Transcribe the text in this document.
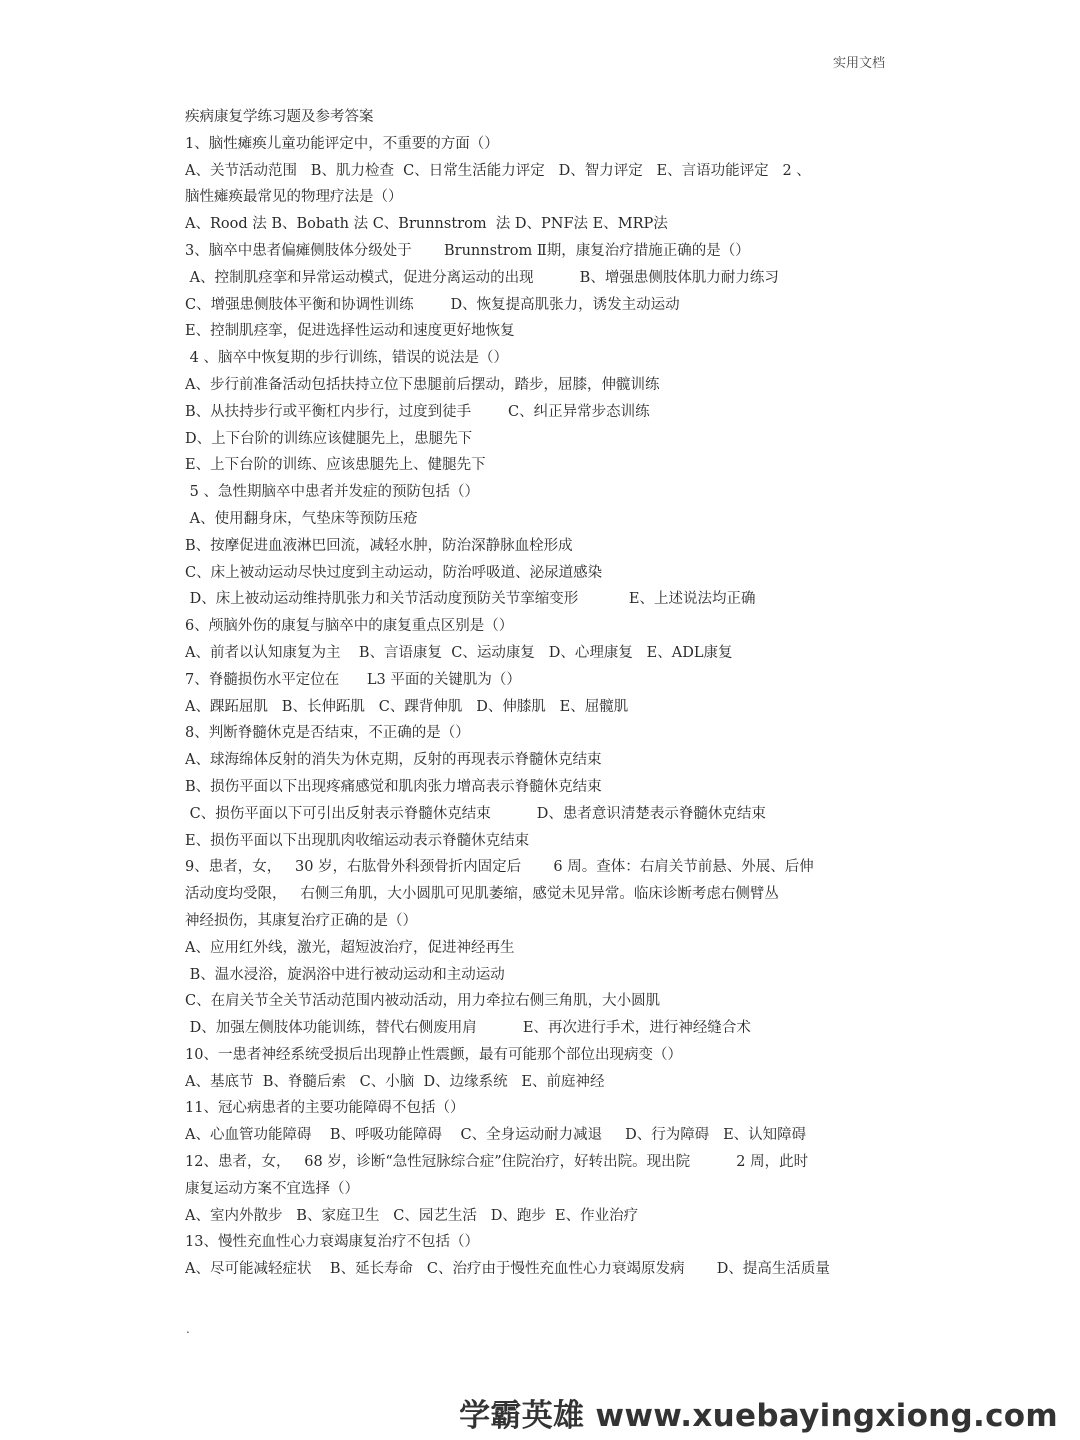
实用文档
疾病康复学练习题及参考答案
1、脑性瘫痪儿童功能评定中，不重要的方面（）
A、关节活动范围   B、肌力检查  C、日常生活能力评定   D、智力评定   E、言语功能评定   2 、
脑性瘫痪最常见的物理疗法是（）
A、Rood 法 B、Bobath 法 C、Brunnstrom  法 D、PNF法 E、MRP法
3、脑卒中患者偏瘫侧肢体分级处于       Brunnstrom Ⅱ期，康复治疗措施正确的是（）
A、控制肌痉挛和异常运动模式，促进分离运动的出现          B、增强患侧肢体肌力耐力练习
C、增强患侧肢体平衡和协调性训练        D、恢复提高肌张力，诱发主动运动
E、控制肌痉挛，促进选择性运动和速度更好地恢复
4 、脑卒中恢复期的步行训练，错误的说法是（）
A、步行前准备活动包括扶持立位下患腿前后摆动，踏步，屈膝，伸髋训练
B、从扶持步行或平衡杠内步行，过度到徒手        C、纠正异常步态训练
D、上下台阶的训练应该健腿先上，患腿先下
E、上下台阶的训练、应该患腿先上、健腿先下
5 、急性期脑卒中患者并发症的预防包括（）
A、使用翻身床，气垫床等预防压疮
B、按摩促进血液淋巴回流，减轻水肿，防治深静脉血栓形成
C、床上被动运动尽快过度到主动运动，防治呼吸道、泌尿道感染
D、床上被动运动维持肌张力和关节活动度预防关节挛缩变形           E、上述说法均正确
6、颅脑外伤的康复与脑卒中的康复重点区别是（）
A、前者以认知康复为主    B、言语康复  C、运动康复   D、心理康复   E、ADL康复
7、脊髓损伤水平定位在      L3 平面的关键肌为（）
A、踝跖屈肌   B、长伸跖肌   C、踝背伸肌   D、伸膝肌   E、屈髋肌
8、判断脊髓休克是否结束，不正确的是（）
A、球海绵体反射的消失为休克期，反射的再现表示脊髓休克结束
B、损伤平面以下出现疼痛感觉和肌肉张力增高表示脊髓休克结束
C、损伤平面以下可引出反射表示脊髓休克结束          D、患者意识清楚表示脊髓休克结束
E、损伤平面以下出现肌肉收缩运动表示脊髓休克结束
9、患者，女，   30 岁，右肱骨外科颈骨折内固定后       6 周。查体：右肩关节前悬、外展、后伸
活动度均受限，   右侧三角肌，大小圆肌可见肌萎缩，感觉未见异常。临床诊断考虑右侧臂丛
神经损伤，其康复治疗正确的是（）
A、应用红外线，激光，超短波治疗，促进神经再生
B、温水浸浴，旋涡浴中进行被动运动和主动运动
C、在肩关节全关节活动范围内被动活动，用力牵拉右侧三角肌，大小圆肌
D、加强左侧肢体功能训练，替代右侧废用肩          E、再次进行手术，进行神经缝合术
10、一患者神经系统受损后出现静止性震颤，最有可能那个部位出现病变（）
A、基底节  B、脊髓后索   C、小脑  D、边缘系统   E、前庭神经
11、冠心病患者的主要功能障碍不包括（）
A、心血管功能障碍    B、呼吸功能障碍    C、全身运动耐力减退     D、行为障碍   E、认知障碍
12、患者，女，   68 岁，诊断“急性冠脉综合症”住院治疗，好转出院。现出院          2 周，此时
康复运动方案不宜选择（）
A、室内外散步   B、家庭卫生   C、园艺生活   D、跑步  E、作业治疗
13、慢性充血性心力衰竭康复治疗不包括（）
A、尽可能减轻症状    B、延长寿命   C、治疗由于慢性充血性心力衰竭原发病       D、提高生活质量
.
学霸英雄 www.xuebayingxiong.com
